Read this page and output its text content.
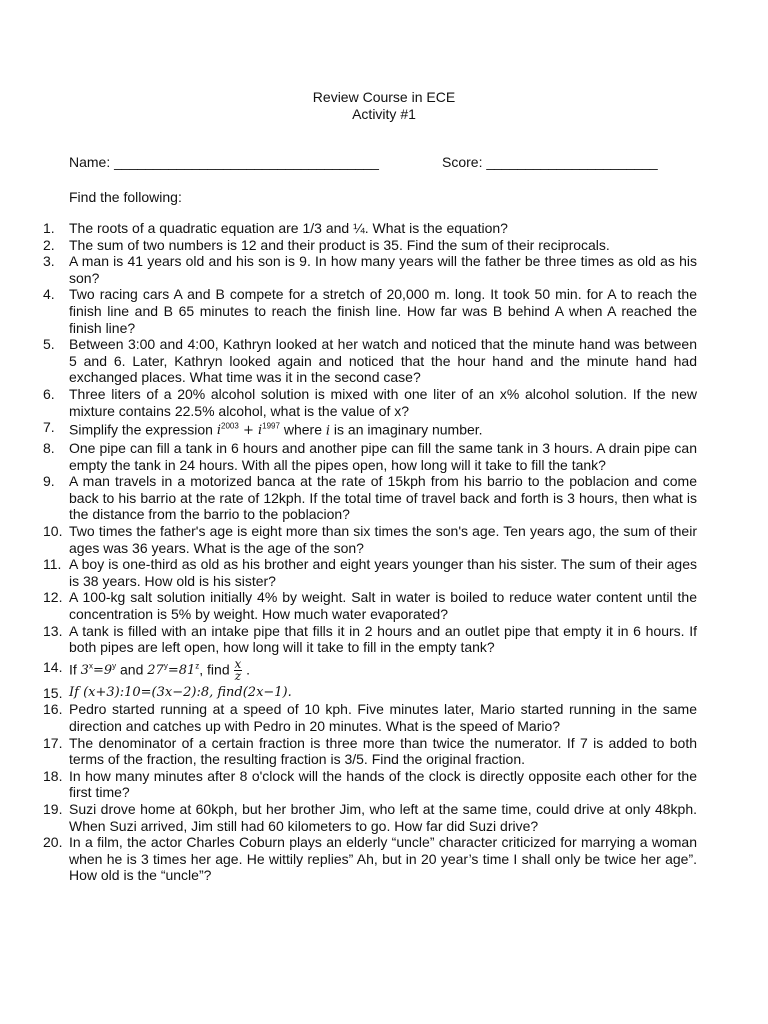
Review Course in ECE
Activity #1
Name: __________________________________	Score: ______________________
Find the following:
1. The roots of a quadratic equation are 1/3 and ¼. What is the equation?
2. The sum of two numbers is 12 and their product is 35. Find the sum of their reciprocals.
3. A man is 41 years old and his son is 9. In how many years will the father be three times as old as his son?
4. Two racing cars A and B compete for a stretch of 20,000 m. long. It took 50 min. for A to reach the finish line and B 65 minutes to reach the finish line. How far was B behind A when A reached the finish line?
5. Between 3:00 and 4:00, Kathryn looked at her watch and noticed that the minute hand was between 5 and 6. Later, Kathryn looked again and noticed that the hour hand and the minute hand had exchanged places. What time was it in the second case?
6. Three liters of a 20% alcohol solution is mixed with one liter of an x% alcohol solution. If the new mixture contains 22.5% alcohol, what is the value of x?
7. Simplify the expression $i^{2003} + i^{1997}$ where i is an imaginary number.
8. One pipe can fill a tank in 6 hours and another pipe can fill the same tank in 3 hours. A drain pipe can empty the tank in 24 hours. With all the pipes open, how long will it take to fill the tank?
9. A man travels in a motorized banca at the rate of 15kph from his barrio to the poblacion and come back to his barrio at the rate of 12kph. If the total time of travel back and forth is 3 hours, then what is the distance from the barrio to the poblacion?
10. Two times the father's age is eight more than six times the son's age. Ten years ago, the sum of their ages was 36 years. What is the age of the son?
11. A boy is one-third as old as his brother and eight years younger than his sister. The sum of their ages is 38 years. How old is his sister?
12. A 100-kg salt solution initially 4% by weight. Salt in water is boiled to reduce water content until the concentration is 5% by weight. How much water evaporated?
13. A tank is filled with an intake pipe that fills it in 2 hours and an outlet pipe that empty it in 6 hours. If both pipes are left open, how long will it take to fill in the empty tank?
14. If $3^x=9^y$ and $27^y=81^z$, find $\frac{x}{z}$ .
15. If (x+3):10=(3x−2):8, find(2x−1).
16. Pedro started running at a speed of 10 kph. Five minutes later, Mario started running in the same direction and catches up with Pedro in 20 minutes. What is the speed of Mario?
17. The denominator of a certain fraction is three more than twice the numerator. If 7 is added to both terms of the fraction, the resulting fraction is 3/5. Find the original fraction.
18. In how many minutes after 8 o'clock will the hands of the clock is directly opposite each other for the first time?
19. Suzi drove home at 60kph, but her brother Jim, who left at the same time, could drive at only 48kph. When Suzi arrived, Jim still had 60 kilometers to go. How far did Suzi drive?
20. In a film, the actor Charles Coburn plays an elderly “uncle” character criticized for marrying a woman when he is 3 times her age. He wittily replies” Ah, but in 20 year’s time I shall only be twice her age”. How old is the “uncle”?
